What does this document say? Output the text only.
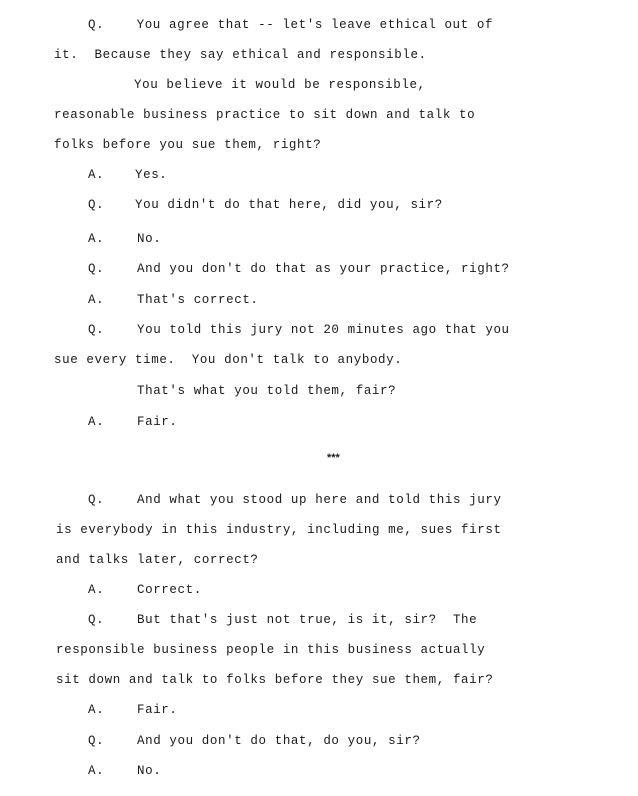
Q.    You agree that -- let's leave ethical out of
it.  Because they say ethical and responsible.
You believe it would be responsible,
reasonable business practice to sit down and talk to
folks before you sue them, right?
A. Yes.
Q. You didn't do that here, did you, sir?
A.	No.
Q.	And you don't do that as your practice, right?
A.	That's correct.
Q.	You told this jury not 20 minutes ago that you
sue every time.  You don't talk to anybody.
That's what you told them, fair?
A.	Fair.
***
Q.	And what you stood up here and told this jury
is everybody in this industry, including me, sues first
and talks later, correct?
A.	Correct.
Q.	But that's just not true, is it, sir?  The
responsible business people in this business actually
sit down and talk to folks before they sue them, fair?
A.	Fair.
Q.	And you don't do that, do you, sir?
A.	No.
